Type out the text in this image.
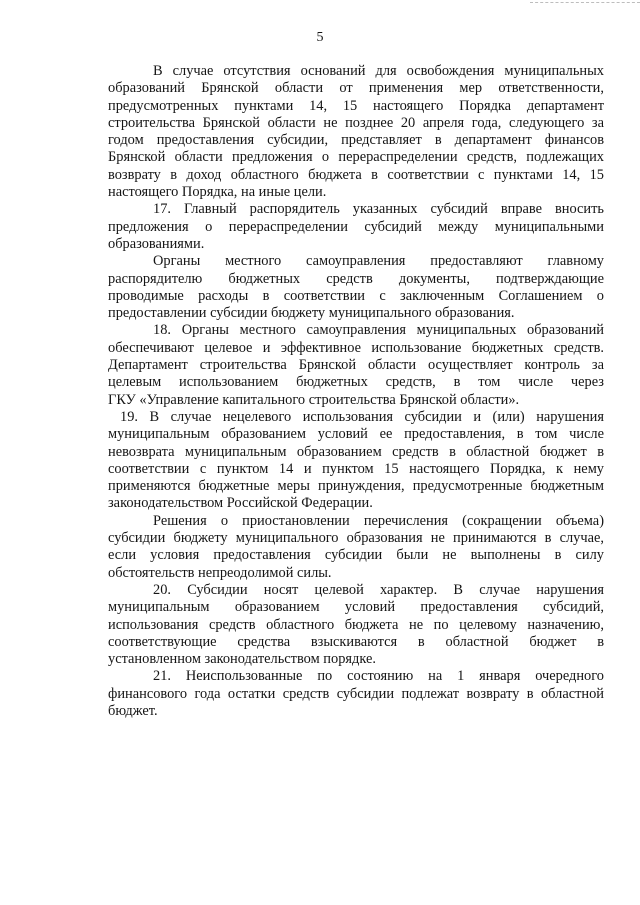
5
В случае отсутствия оснований для освобождения муниципальных
образований Брянской области от применения мер ответственности,
предусмотренных пунктами 14, 15 настоящего Порядка департамент
строительства Брянской области не позднее 20 апреля года, следующего за
годом предоставления субсидии, представляет в департамент финансов
Брянской области предложения о перераспределении средств, подлежащих
возврату в доход областного бюджета в соответствии с пунктами 14, 15
настоящего Порядка, на иные цели.
17. Главный распорядитель указанных субсидий вправе вносить
предложения о перераспределении субсидий между муниципальными
образованиями.
Органы местного самоуправления предоставляют главному
распорядителю бюджетных средств документы, подтверждающие
проводимые расходы в соответствии с заключенным Соглашением о
предоставлении субсидии бюджету муниципального образования.
18. Органы местного самоуправления муниципальных образований
обеспечивают целевое и эффективное использование бюджетных средств.
Департамент строительства Брянской области осуществляет контроль за
целевым использованием бюджетных средств, в том числе через
ГКУ «Управление капитального строительства Брянской области».
19. В случае нецелевого использования субсидии и (или) нарушения
муниципальным образованием условий ее предоставления, в том числе
невозврата муниципальным образованием средств в областной бюджет в
соответствии с пунктом 14 и пунктом 15 настоящего Порядка, к нему
применяются бюджетные меры принуждения, предусмотренные бюджетным
законодательством Российской Федерации.
Решения о приостановлении перечисления (сокращении объема)
субсидии бюджету муниципального образования не принимаются в случае,
если условия предоставления субсидии были не выполнены в силу
обстоятельств непреодолимой силы.
20. Субсидии носят целевой характер. В случае нарушения
муниципальным образованием условий предоставления субсидий,
использования средств областного бюджета не по целевому назначению,
соответствующие средства взыскиваются в областной бюджет в
установленном законодательством порядке.
21. Неиспользованные по состоянию на 1 января очередного
финансового года остатки средств субсидии подлежат возврату в областной
бюджет.
